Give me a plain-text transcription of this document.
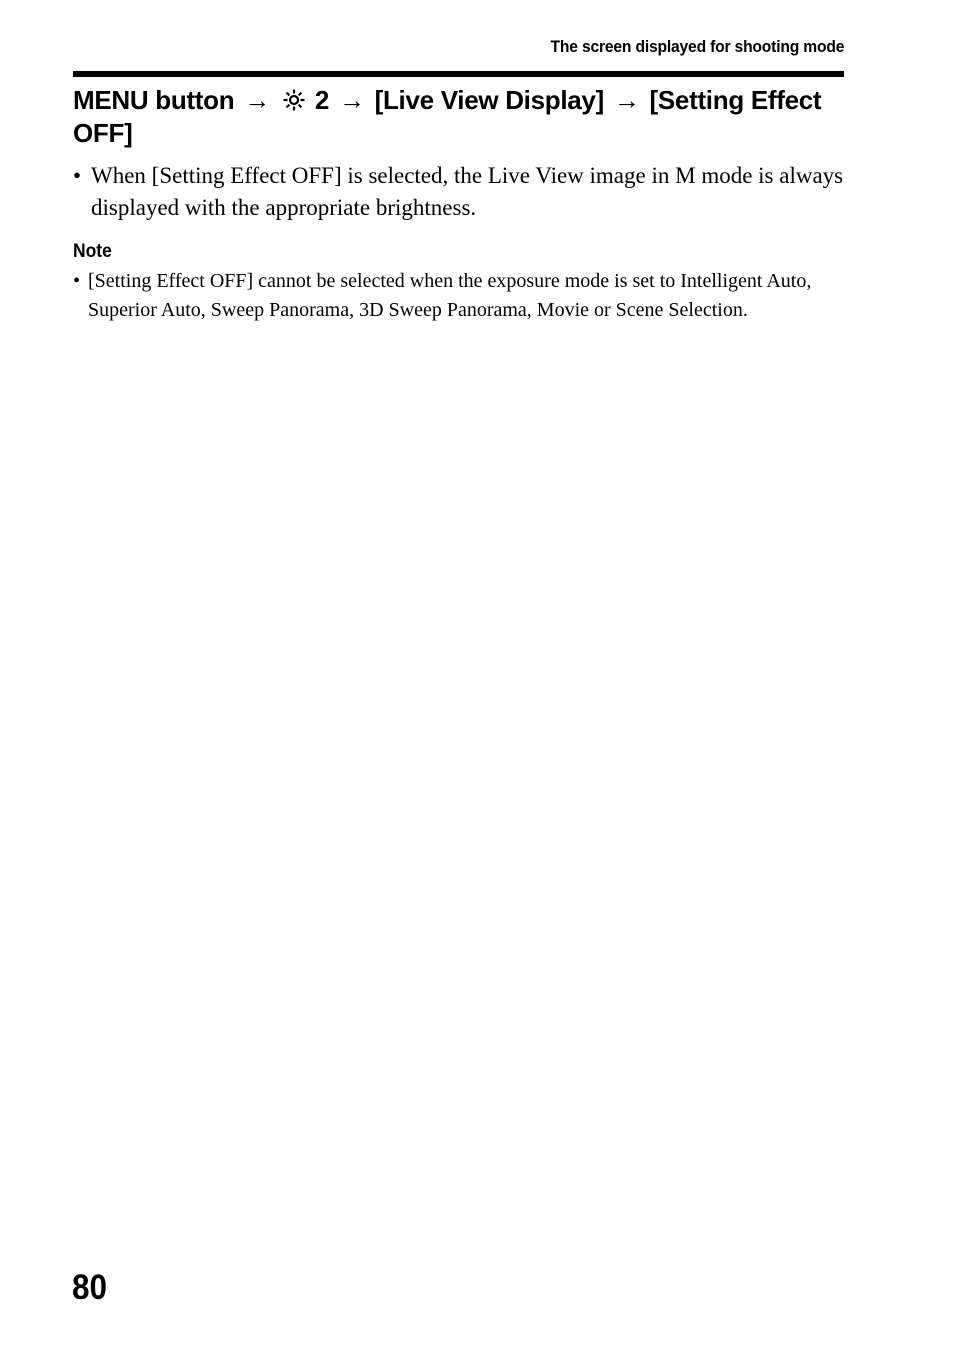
The screen displayed for shooting mode
MENU button → 2 → [Live View Display] → [Setting Effect OFF]
• When [Setting Effect OFF] is selected, the Live View image in M mode is always displayed with the appropriate brightness.
Note
• [Setting Effect OFF] cannot be selected when the exposure mode is set to Intelligent Auto, Superior Auto, Sweep Panorama, 3D Sweep Panorama, Movie or Scene Selection.
80
